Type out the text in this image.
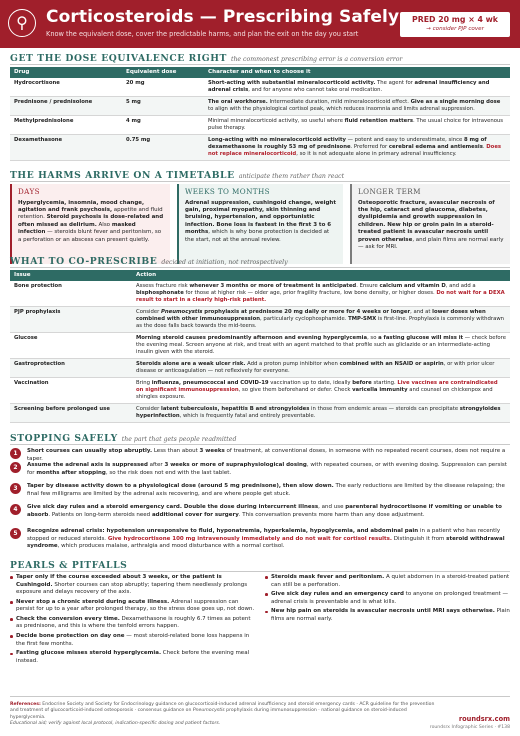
⚲	Corticosteroids — Prescribing Safely
Know the equivalent dose, cover the predictable harms, and plan the exit on the day you start
PRED 20 mg × 4 wk
→ consider PJP cover
GET THE DOSE EQUIVALENCE RIGHT the commonest prescribing error is a conversion error
Drug	Equivalent dose	Character and when to choose it
Hydrocortisone	20 mg	Short-acting with substantial mineralocorticoid activity. The agent for adrenal insufficiency and adrenal crisis, and for anyone who cannot take oral medication.
Prednisone / prednisolone	5 mg	The oral workhorse. Intermediate duration, mild mineralocorticoid effect. Give as a single morning dose to align with the physiological cortisol peak, which reduces insomnia and limits adrenal suppression.
Methylprednisolone	4 mg	Minimal mineralocorticoid activity, so useful where fluid retention matters. The usual choice for intravenous pulse therapy.
Dexamethasone	0.75 mg	Long-acting with no mineralocorticoid activity — potent and easy to underestimate, since 8 mg of dexamethasone is roughly 53 mg of prednisone. Preferred for cerebral edema and antiemesis. Does not replace mineralocorticoid, so it is not adequate alone in primary adrenal insufficiency.
THE HARMS ARRIVE ON A TIMETABLE anticipate them rather than react
DAYS
Hyperglycemia, insomnia, mood change, agitation and frank psychosis, appetite and fluid retention. Steroid psychosis is dose-related and often missed as delirium. Also masked infection — steroids blunt fever and peritonism, so a perforation or an abscess can present quietly.
WEEKS TO MONTHS
Adrenal suppression, cushingoid change, weight gain, proximal myopathy, skin thinning and bruising, hypertension, and opportunistic infection. Bone loss is fastest in the first 3 to 6 months, which is why bone protection is decided at the start, not at the annual review.
LONGER TERM
Osteoporotic fracture, avascular necrosis of the hip, cataract and glaucoma, diabetes, dyslipidemia and growth suppression in children. New hip or groin pain in a steroid-treated patient is avascular necrosis until proven otherwise, and plain films are normal early — ask for MRI.
WHAT TO CO-PRESCRIBE decided at initiation, not retrospectively
Issue	Action
Bone protection	Assess fracture risk whenever 3 months or more of treatment is anticipated. Ensure calcium and vitamin D, and add a bisphosphonate for those at higher risk — older age, prior fragility fracture, low bone density, or higher doses. Do not wait for a DEXA result to start in a clearly high-risk patient.
PJP prophylaxis	Consider Pneumocystis prophylaxis at prednisone 20 mg daily or more for 4 weeks or longer, and at lower doses when combined with other immunosuppression, particularly cyclophosphamide. TMP-SMX is first-line. Prophylaxis is commonly withdrawn as the dose falls back towards the mid-teens.
Glucose	Morning steroid causes predominantly afternoon and evening hyperglycemia, so a fasting glucose will miss it — check before the evening meal. Screen anyone at risk, and treat with an agent matched to that profile such as gliclazide or an intermediate-acting insulin given with the steroid.
Gastroprotection	Steroids alone are a weak ulcer risk. Add a proton pump inhibitor when combined with an NSAID or aspirin, or with prior ulcer disease or anticoagulation — not reflexively for everyone.
Vaccination	Bring influenza, pneumococcal and COVID-19 vaccination up to date, ideally before starting. Live vaccines are contraindicated on significant immunosuppression, so give them beforehand or defer. Check varicella immunity and counsel on chickenpox and shingles exposure.
Screening before prolonged use	Consider latent tuberculosis, hepatitis B and strongyloides in those from endemic areas — steroids can precipitate strongyloides hyperinfection, which is frequently fatal and entirely preventable.
STOPPING SAFELY the part that gets people readmitted
1	Short courses can usually stop abruptly. Less than about 3 weeks of treatment, at conventional doses, in someone with no repeated recent courses, does not require a taper.
2	Assume the adrenal axis is suppressed after 3 weeks or more of supraphysiological dosing, with repeated courses, or with evening dosing. Suppression can persist for months after stopping, so the risk does not end with the last tablet.
3	Taper by disease activity down to a physiological dose (around 5 mg prednisone), then slow down. The early reductions are limited by the disease relapsing; the final few milligrams are limited by the adrenal axis recovering, and are where people get stuck.
4	Give sick day rules and a steroid emergency card. Double the dose during intercurrent illness, and use parenteral hydrocortisone if vomiting or unable to absorb. Patients on long-term steroids need additional cover for surgery. This conversation prevents more harm than any dose adjustment.
5	Recognize adrenal crisis: hypotension unresponsive to fluid, hyponatremia, hyperkalemia, hypoglycemia, and abdominal pain in a patient who has recently stopped or reduced steroids. Give hydrocortisone 100 mg intravenously immediately and do not wait for cortisol results. Distinguish it from steroid withdrawal syndrome, which produces malaise, arthralgia and mood disturbance with a normal cortisol.
PEARLS & PITFALLS
Taper only if the course exceeded about 3 weeks, or the patient is Cushingoid. Shorter courses can stop abruptly; tapering them needlessly prolongs exposure and delays recovery of the axis.
Never stop a chronic steroid during acute illness. Adrenal suppression can persist for up to a year after prolonged therapy, so the stress dose goes up, not down.
Check the conversion every time. Dexamethasone is roughly 6.7 times as potent as prednisone, and this is where the tenfold errors happen.
Decide bone protection on day one — most steroid-related bone loss happens in the first few months.
Fasting glucose misses steroid hyperglycemia. Check before the evening meal instead.
Steroids mask fever and peritonism. A quiet abdomen in a steroid-treated patient can still be a perforation.
Give sick day rules and an emergency card to anyone on prolonged treatment — adrenal crisis is preventable and is what kills.
New hip pain on steroids is avascular necrosis until MRI says otherwise. Plain films are normal early.
References: Endocrine Society and Society for Endocrinology guidance on glucocorticoid-induced adrenal insufficiency and steroid emergency cards · ACR guideline for the prevention and treatment of glucocorticoid-induced osteoporosis · consensus guidance on Pneumocystis prophylaxis during immunosuppression · national guidance on steroid-induced hyperglycemia.
Educational aid; verify against local protocol, indication-specific dosing and patient factors.
roundsrx.com
roundsrx Infographic Series · #138
